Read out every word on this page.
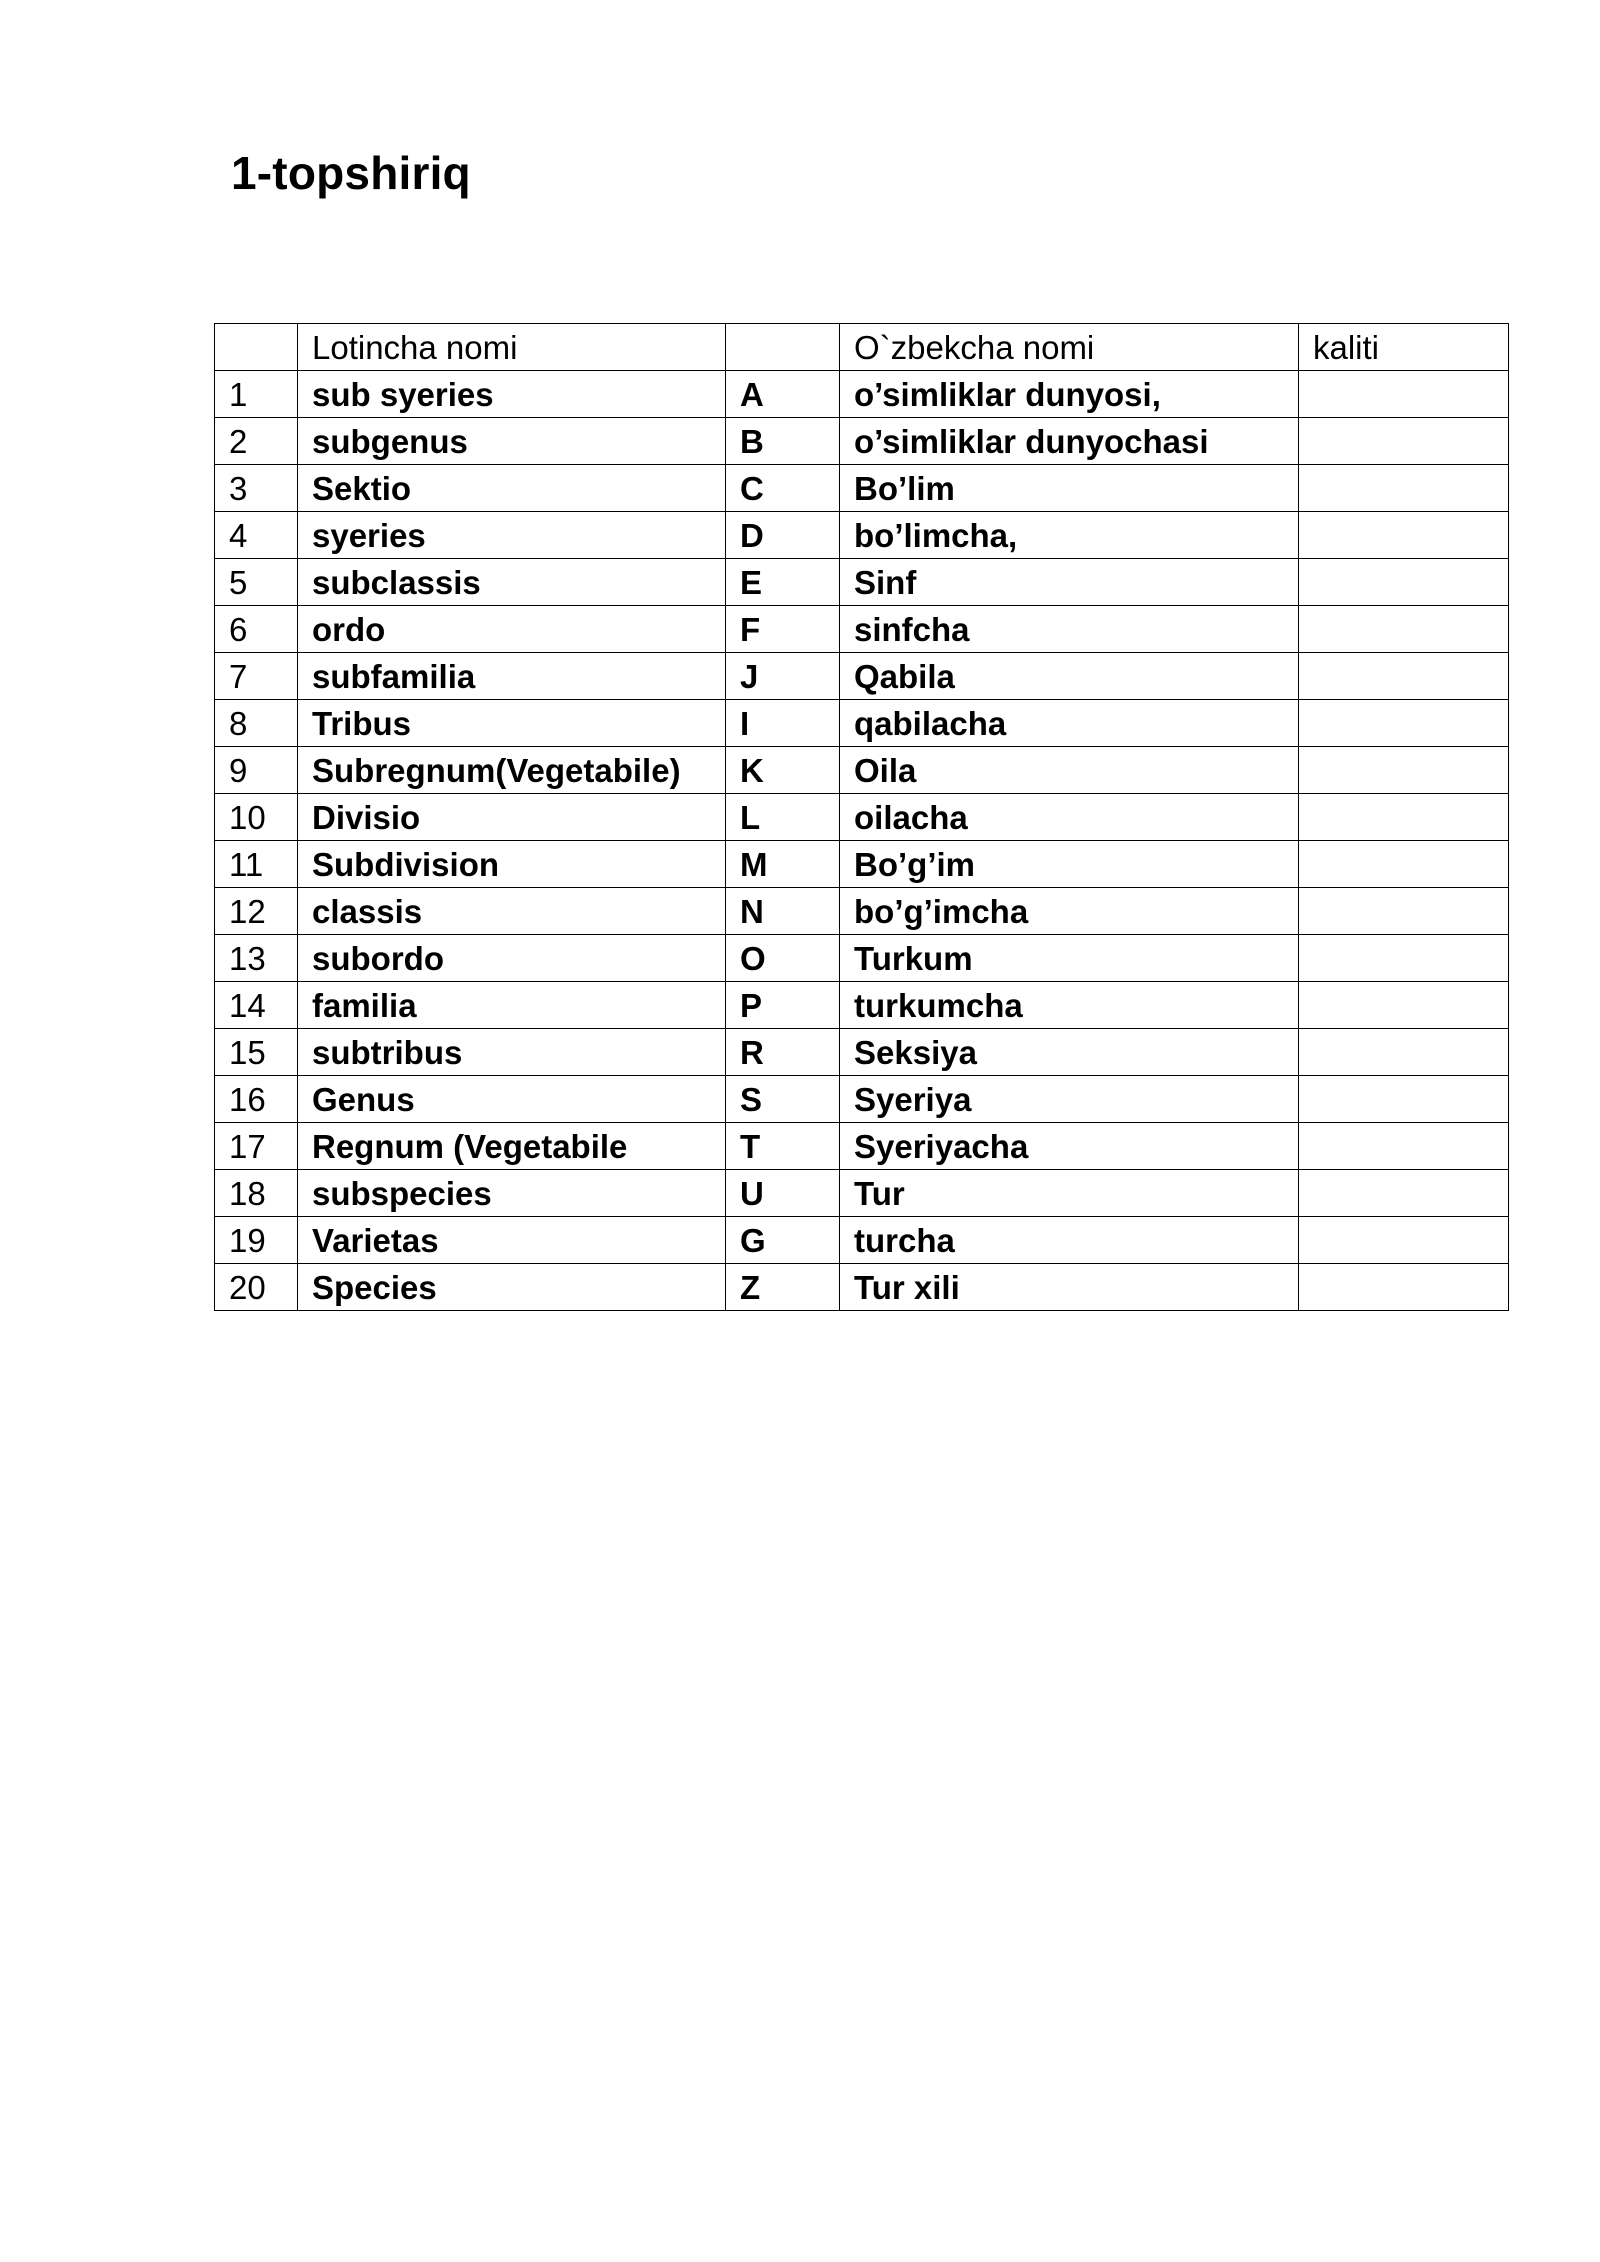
1-topshiriq
	Lotincha nomi		O`zbekcha nomi	kaliti
1	sub syeries	A	o’simliklar dunyosi,	
2	subgenus	B	o’simliklar dunyochasi	
3	Sektio	C	Bo’lim	
4	syeries	D	bo’limcha,	
5	subclassis	E	Sinf	
6	ordo	F	sinfcha	
7	subfamilia	J	Qabila	
8	Tribus	I	qabilacha	
9	Subregnum(Vegetabile)	K	Oila	
10	Divisio	L	oilacha	
11	Subdivision	M	Bo’g’im	
12	classis	N	bo’g’imcha	
13	subordo	O	Turkum	
14	familia	P	turkumcha	
15	subtribus	R	Seksiya	
16	Genus	S	Syeriya	
17	Regnum (Vegetabile	T	Syeriyacha	
18	subspecies	U	Tur	
19	Varietas	G	turcha	
20	Species	Z	Tur xili	
